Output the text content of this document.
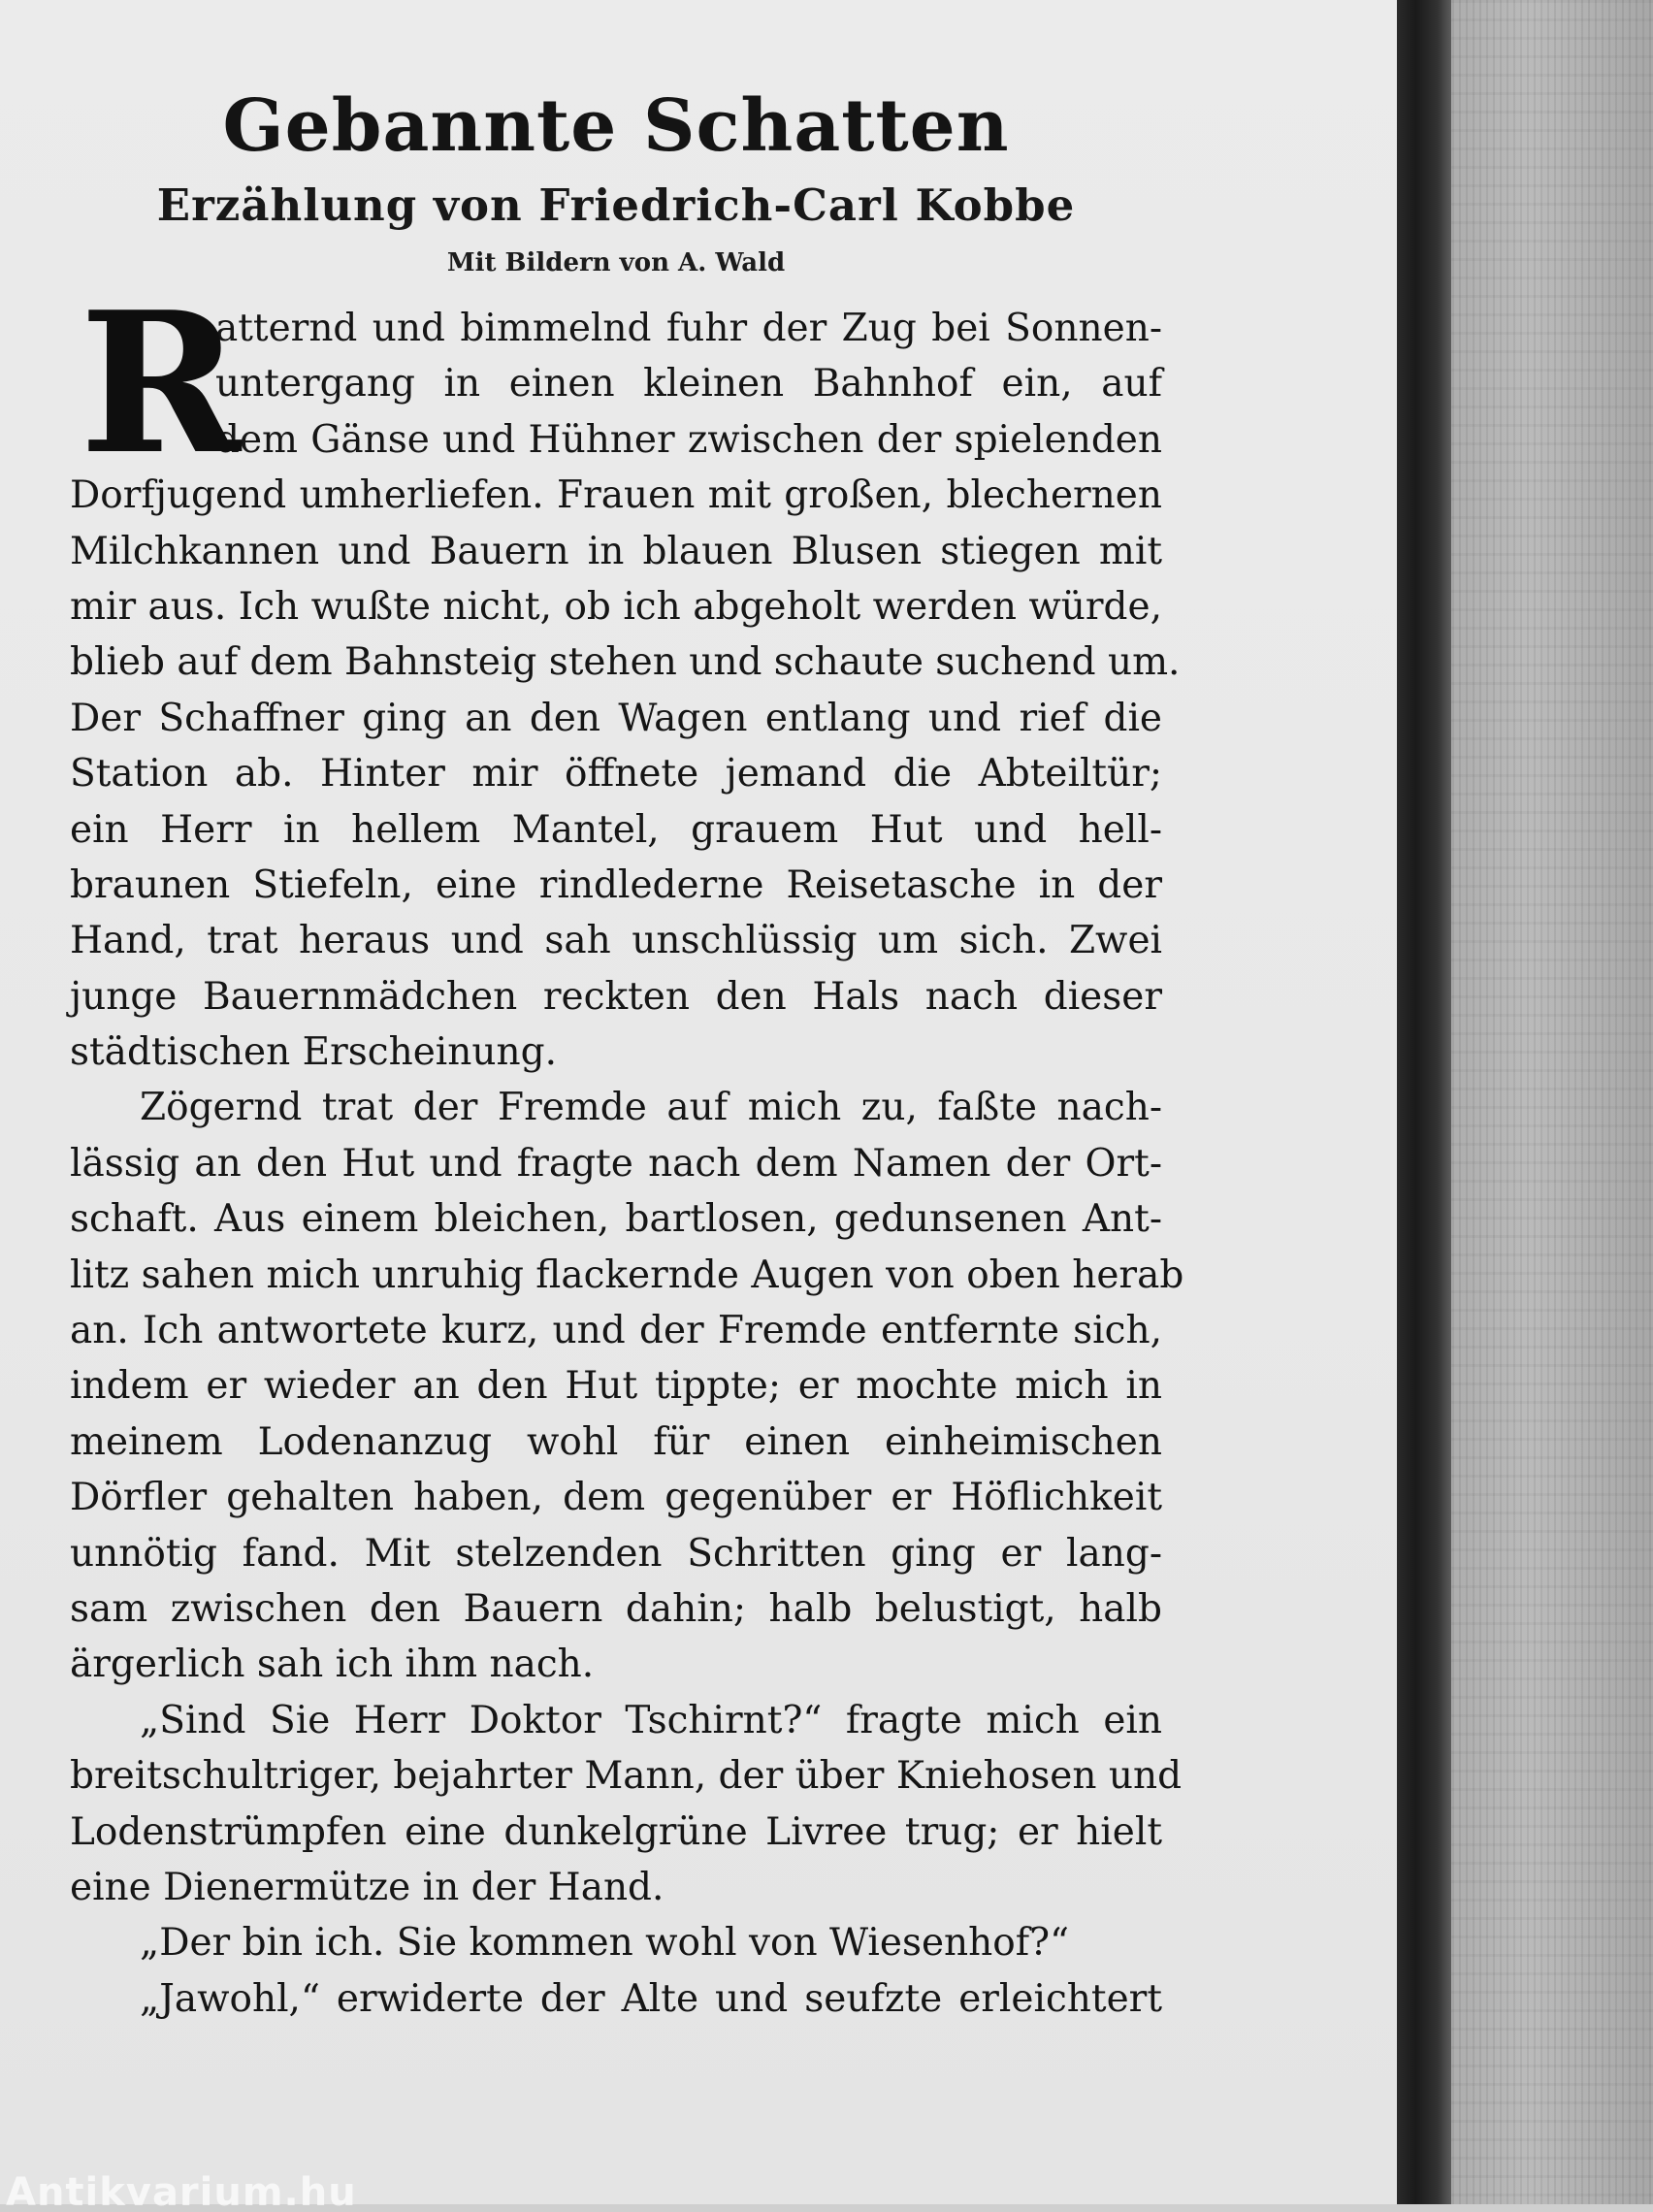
Gebannte Schatten
Erzählung von Friedrich-Carl Kobbe
Mit Bildern von A. Wald
R
atternd und bimmelnd fuhr der Zug bei Sonnen-
untergang in einen kleinen Bahnhof ein, auf
dem Gänse und Hühner zwischen der spielenden
Dorfjugend umherliefen. Frauen mit großen, blechernen
Milchkannen und Bauern in blauen Blusen stiegen mit
mir aus. Ich wußte nicht, ob ich abgeholt werden würde,
blieb auf dem Bahnsteig stehen und schaute suchend um.
Der Schaffner ging an den Wagen entlang und rief die
Station ab. Hinter mir öffnete jemand die Abteiltür;
ein Herr in hellem Mantel, grauem Hut und hell-
braunen Stiefeln, eine rindlederne Reisetasche in der
Hand, trat heraus und sah unschlüssig um sich. Zwei
junge Bauernmädchen reckten den Hals nach dieser
städtischen Erscheinung.
Zögernd trat der Fremde auf mich zu, faßte nach-
lässig an den Hut und fragte nach dem Namen der Ort-
schaft. Aus einem bleichen, bartlosen, gedunsenen Ant-
litz sahen mich unruhig flackernde Augen von oben herab
an. Ich antwortete kurz, und der Fremde entfernte sich,
indem er wieder an den Hut tippte; er mochte mich in
meinem Lodenanzug wohl für einen einheimischen
Dörfler gehalten haben, dem gegenüber er Höflichkeit
unnötig fand. Mit stelzenden Schritten ging er lang-
sam zwischen den Bauern dahin; halb belustigt, halb
ärgerlich sah ich ihm nach.
„Sind Sie Herr Doktor Tschirnt?“ fragte mich ein
breitschultriger, bejahrter Mann, der über Kniehosen und
Lodenstrümpfen eine dunkelgrüne Livree trug; er hielt
eine Dienermütze in der Hand.
„Der bin ich. Sie kommen wohl von Wiesenhof?“
„Jawohl,“ erwiderte der Alte und seufzte erleichtert
Antikvarium.hu
